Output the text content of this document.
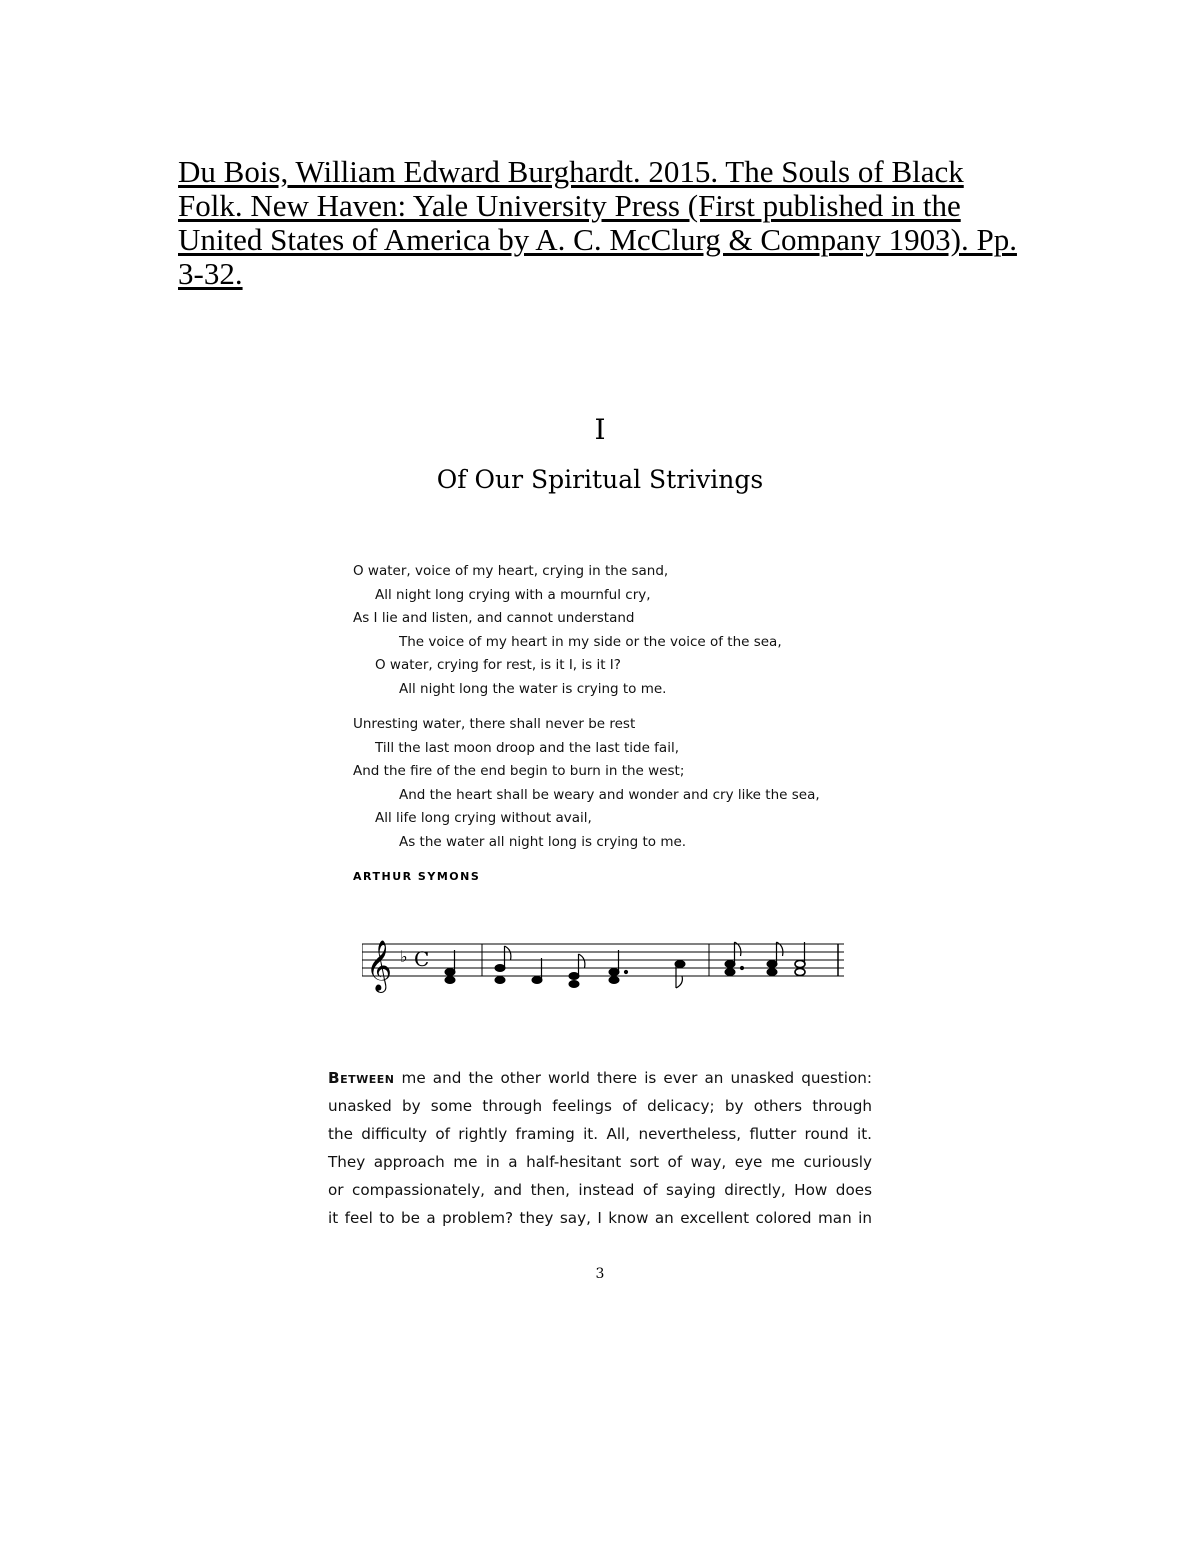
Du Bois, William Edward Burghardt. 2015. The Souls of Black
Folk. New Haven: Yale University Press (First published in the
United States of America by A. C. McClurg & Company 1903). Pp.
3-32.
I
Of Our Spiritual Strivings
O water, voice of my heart, crying in the sand,
All night long crying with a mournful cry,
As I lie and listen, and cannot understand
The voice of my heart in my side or the voice of the sea,
O water, crying for rest, is it I, is it I?
All night long the water is crying to me.
Unresting water, there shall never be rest
Till the last moon droop and the last tide fail,
And the fire of the end begin to burn in the west;
And the heart shall be weary and wonder and cry like the sea,
All life long crying without avail,
As the water all night long is crying to me.
ARTHUR SYMONS
𝄞 ♭ C
Between me and the other world there is ever an unasked question:
unasked by some through feelings of delicacy; by others through
the difficulty of rightly framing it. All, nevertheless, flutter round it.
They approach me in a half-hesitant sort of way, eye me curiously
or compassionately, and then, instead of saying directly, How does
it feel to be a problem? they say, I know an excellent colored man in
3
